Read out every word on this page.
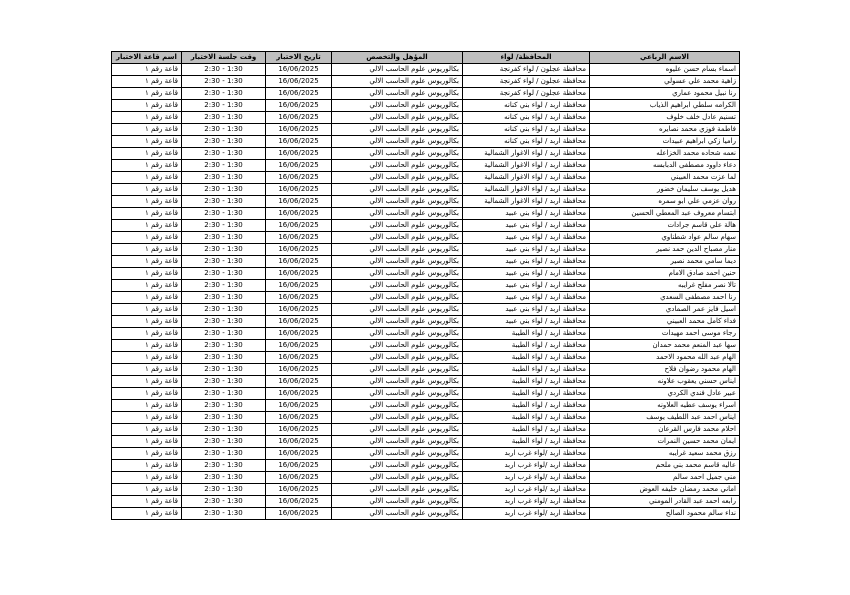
الاسم الرباعي	المحافظة/ لواء	المؤهل والتخصص	تاريخ الاختبار	وقت جلسة الاختبار	اسم قاعة الاختبار
اسماء بسام حسن عليوه	محافظة عجلون / لواء كفرنجة	بكالوريوس علوم الحاسب الالي	16/06/2025	1:30 - 2:30	قاعة رقم ١
زاهية محمد علي عسولي	محافظة عجلون / لواء كفرنجة	بكالوريوس علوم الحاسب الالي	16/06/2025	1:30 - 2:30	قاعة رقم ١
رنا نبيل محمود عماري	محافظة عجلون / لواء كفرنجة	بكالوريوس علوم الحاسب الالي	16/06/2025	1:30 - 2:30	قاعة رقم ١
الكرامه سلطي ابراهيم الذياب	محافظة اربد / لواء بني كنانه	بكالوريوس علوم الحاسب الالي	16/06/2025	1:30 - 2:30	قاعة رقم ١
تسنيم عادل خلف خلوف	محافظة اربد / لواء بني كنانه	بكالوريوس علوم الحاسب الالي	16/06/2025	1:30 - 2:30	قاعة رقم ١
فاطمة فوزي محمد نصايره	محافظة اربد / لواء بني كنانه	بكالوريوس علوم الحاسب الالي	16/06/2025	1:30 - 2:30	قاعة رقم ١
راميا زكي ابراهيم عبيدات	محافظة اربد / لواء بني كنانه	بكالوريوس علوم الحاسب الالي	16/06/2025	1:30 - 2:30	قاعة رقم ١
نعمه شحاده محمد الخزاعله	محافظة اربد / لواء الاغوار الشمالية	بكالوريوس علوم الحاسب الالي	16/06/2025	1:30 - 2:30	قاعة رقم ١
دعاء داوود مصطفى الدبابسه	محافظة اربد / لواء الاغوار الشمالية	بكالوريوس علوم الحاسب الالي	16/06/2025	1:30 - 2:30	قاعة رقم ١
لما عزت محمد العبيني	محافظة اربد / لواء الاغوار الشمالية	بكالوريوس علوم الحاسب الالي	16/06/2025	1:30 - 2:30	قاعة رقم ١
هديل يوسف سليمان خضور	محافظة اربد / لواء الاغوار الشمالية	بكالوريوس علوم الحاسب الالي	16/06/2025	1:30 - 2:30	قاعة رقم ١
روان عزمي علي ابو سمره	محافظة اربد / لواء الاغوار الشمالية	بكالوريوس علوم الحاسب الالي	16/06/2025	1:30 - 2:30	قاعة رقم ١
ابتسام معروف عبد المعطي الحسين	محافظة اربد / لواء بني عبيد	بكالوريوس علوم الحاسب الالي	16/06/2025	1:30 - 2:30	قاعة رقم ١
هالة علي قاسم جرادات	محافظة اربد / لواء بني عبيد	بكالوريوس علوم الحاسب الالي	16/06/2025	1:30 - 2:30	قاعة رقم ١
سهام سالم عواد شطناوي	محافظة اربد / لواء بني عبيد	بكالوريوس علوم الحاسب الالي	16/06/2025	1:30 - 2:30	قاعة رقم ١
منار مصباح الدين حمد نصير	محافظة اربد / لواء بني عبيد	بكالوريوس علوم الحاسب الالي	16/06/2025	1:30 - 2:30	قاعة رقم ١
ديما سامي محمد نصير	محافظة اربد / لواء بني عبيد	بكالوريوس علوم الحاسب الالي	16/06/2025	1:30 - 2:30	قاعة رقم ١
حنين احمد صادق الامام	محافظة اربد / لواء بني عبيد	بكالوريوس علوم الحاسب الالي	16/06/2025	1:30 - 2:30	قاعة رقم ١
تالا نصر مفلح غرايبه	محافظة اربد / لواء بني عبيد	بكالوريوس علوم الحاسب الالي	16/06/2025	1:30 - 2:30	قاعة رقم ١
رنا احمد مصطفى السعدي	محافظة اربد / لواء بني عبيد	بكالوريوس علوم الحاسب الالي	16/06/2025	1:30 - 2:30	قاعة رقم ١
اسيل فايز عمر الصمادي	محافظة اربد / لواء بني عبيد	بكالوريوس علوم الحاسب الالي	16/06/2025	1:30 - 2:30	قاعة رقم ١
فداء كامل محمد العبيني	محافظة اربد / لواء بني عبيد	بكالوريوس علوم الحاسب الالي	16/06/2025	1:30 - 2:30	قاعة رقم ١
رجاء موسى احمد مهيدات	محافظة اربد / لواء الطيبة	بكالوريوس علوم الحاسب الالي	16/06/2025	1:30 - 2:30	قاعة رقم ١
سها عبد المنعم محمد حمدان	محافظة اربد / لواء الطيبة	بكالوريوس علوم الحاسب الالي	16/06/2025	1:30 - 2:30	قاعة رقم ١
الهام عبد الله محمود الاحمد	محافظة اربد / لواء الطيبة	بكالوريوس علوم الحاسب الالي	16/06/2025	1:30 - 2:30	قاعة رقم ١
الهام محمود رضوان فلاح	محافظة اربد / لواء الطيبة	بكالوريوس علوم الحاسب الالي	16/06/2025	1:30 - 2:30	قاعة رقم ١
ايناس حسني يعقوب علاونه	محافظة اربد / لواء الطيبة	بكالوريوس علوم الحاسب الالي	16/06/2025	1:30 - 2:30	قاعة رقم ١
عبير عادل فندي الكردي	محافظة اربد / لواء الطيبة	بكالوريوس علوم الحاسب الالي	16/06/2025	1:30 - 2:30	قاعة رقم ١
اسراء يوسف عطيه العلاونه	محافظة اربد / لواء الطيبة	بكالوريوس علوم الحاسب الالي	16/06/2025	1:30 - 2:30	قاعة رقم ١
ايناس احمد عبد اللطيف يوسف	محافظة اربد / لواء الطيبة	بكالوريوس علوم الحاسب الالي	16/06/2025	1:30 - 2:30	قاعة رقم ١
احلام محمد فارس القرعان	محافظة اربد / لواء الطيبة	بكالوريوس علوم الحاسب الالي	16/06/2025	1:30 - 2:30	قاعة رقم ١
ايمان محمد حسين النمرات	محافظة اربد / لواء الطيبة	بكالوريوس علوم الحاسب الالي	16/06/2025	1:30 - 2:30	قاعة رقم ١
رزق محمد سعيد غرايبه	محافظة اربد /لواء غرب اربد	بكالوريوس علوم الحاسب الالي	16/06/2025	1:30 - 2:30	قاعة رقم ١
عاليه قاسم محمد بني ملحم	محافظة اربد /لواء غرب اربد	بكالوريوس علوم الحاسب الالي	16/06/2025	1:30 - 2:30	قاعة رقم ١
مني جميل احمد سالم	محافظة اربد /لواء غرب اربد	بكالوريوس علوم الحاسب الالي	16/06/2025	1:30 - 2:30	قاعة رقم ١
اماني محمد رمضان خليفه العوض	محافظة اربد /لواء غرب اربد	بكالوريوس علوم الحاسب الالي	16/06/2025	1:30 - 2:30	قاعة رقم ١
رابعه احمد عبد القادر المومني	محافظة اربد /لواء غرب اربد	بكالوريوس علوم الحاسب الالي	16/06/2025	1:30 - 2:30	قاعة رقم ١
نداء سالم محمود الصالح	محافظة اربد /لواء غرب اربد	بكالوريوس علوم الحاسب الالي	16/06/2025	1:30 - 2:30	قاعة رقم ١
